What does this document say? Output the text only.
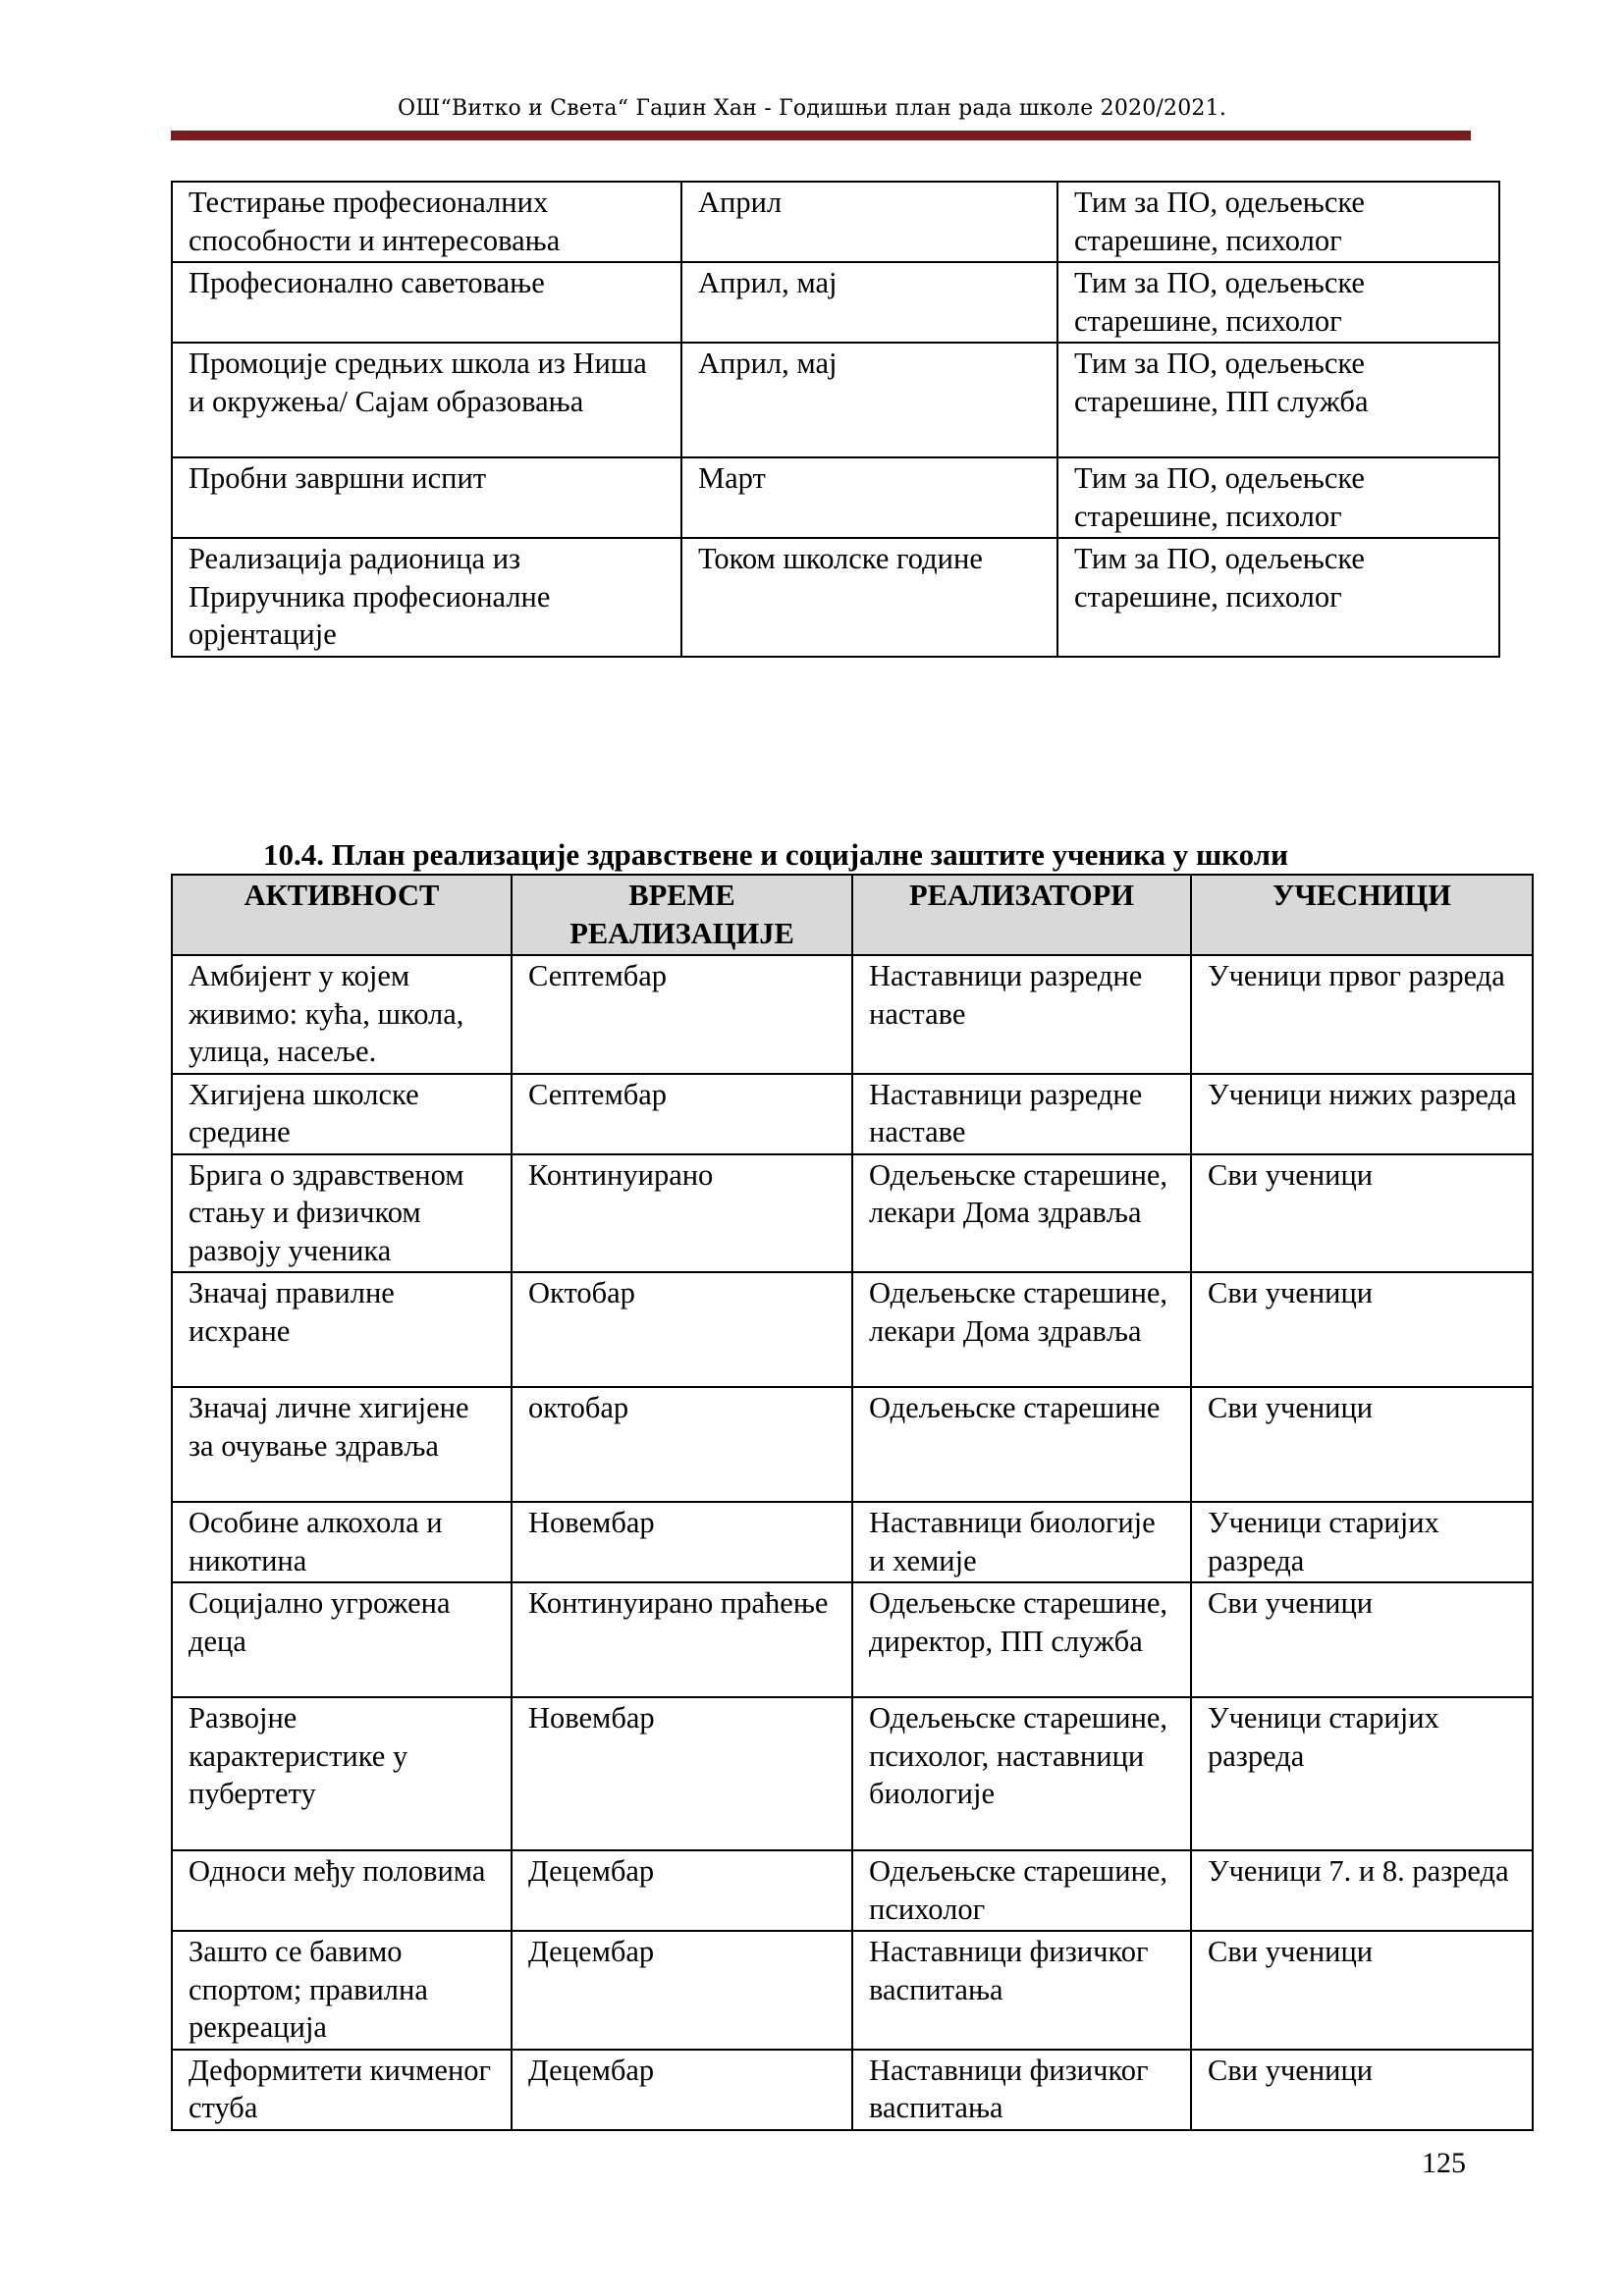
ОШ“Витко и Света“ Гаџин Хан - Годишњи план рада школе 2020/2021.
Тестирање професионалних способности и интересовања	Април	Тим за ПО, одељењске старешине, психолог
Професионално саветовање	Април, мај	Тим за ПО, одељењске старешине, психолог
Промоције средњих школа из Ниша и окружења/ Сајам образовања	Април, мај	Тим за ПО, одељењске старешине, ПП служба
Пробни завршни испит	Март	Тим за ПО, одељењске старешине, психолог
Реализација радионица из Приручника професионалне орјентације	Током школске године	Тим за ПО, одељењске старешине, психолог
10.4. План реализације здравствене и социјалне заштите ученика у школи
АКТИВНОСТ	ВРЕМЕ РЕАЛИЗАЦИЈЕ	РЕАЛИЗАТОРИ	УЧЕСНИЦИ
Амбијент у којем живимо: кућа, школа, улица, насеље.	Септембар	Наставници разредне наставе	Ученици првог разреда
Хигијена школске средине	Септембар	Наставници разредне наставе	Ученици нижих разреда
Брига о здравственом стању и физичком развоју ученика	Континуирано	Одељењске старешине, лекари Дома здравља	Сви ученици
Значај правилне исхране	Октобар	Одељењске старешине, лекари Дома здравља	Сви ученици
Значај личне хигијене за очување здравља	октобар	Одељењске старешине	Сви ученици
Особине алкохола и никотина	Новембар	Наставници биологије и хемије	Ученици старијих разреда
Социјално угрожена деца	Континуирано праћење	Одељењске старешине, директор, ПП служба	Сви ученици
Развојне карактеристике у пубертету	Новембар	Одељењске старешине, психолог, наставници биологије	Ученици старијих разреда
Односи међу половима	Децембар	Одељењске старешине, психолог	Ученици 7. и 8. разреда
Зашто се бавимо спортом; правилна рекреација	Децембар	Наставници физичког васпитања	Сви ученици
Деформитети кичменог стуба	Децембар	Наставници физичког васпитања	Сви ученици
125
